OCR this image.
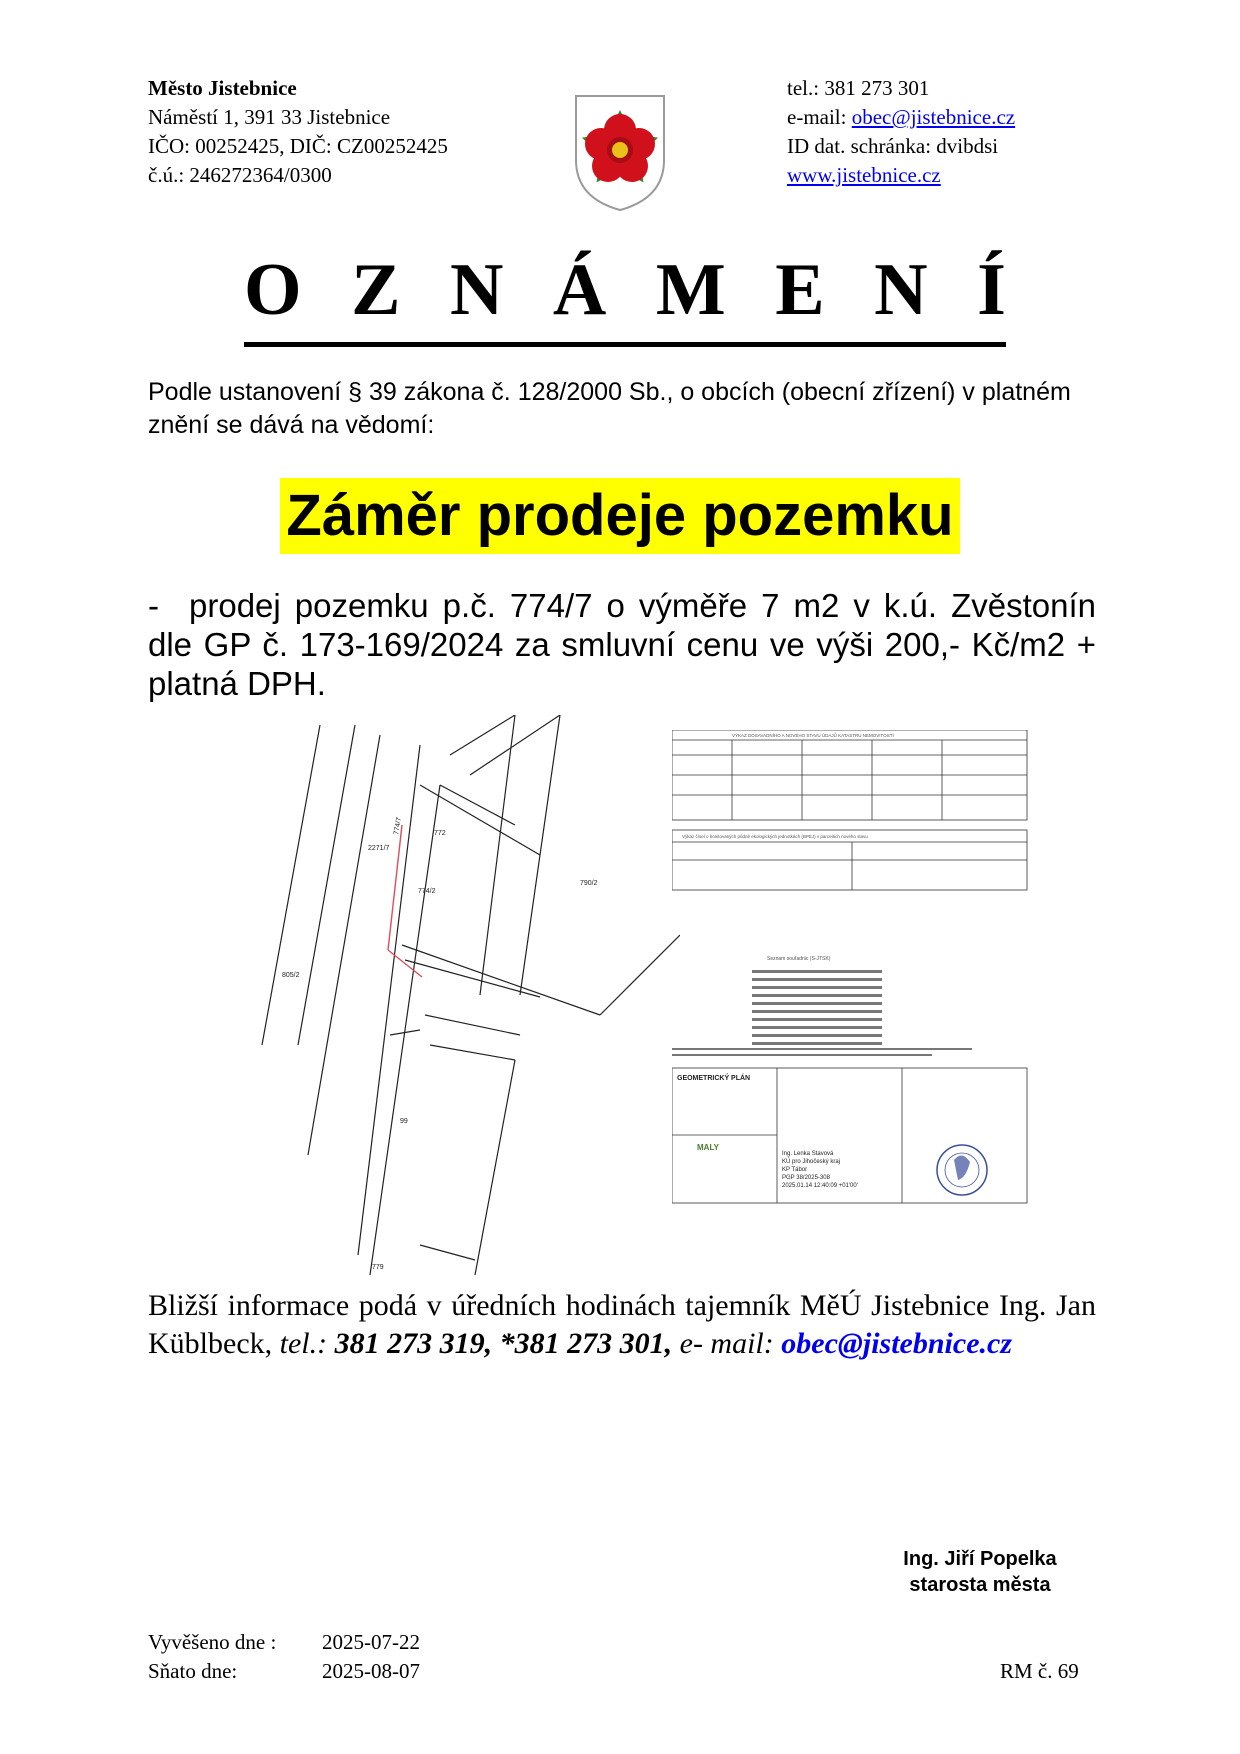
Město Jistebnice
Náměstí 1, 391 33 Jistebnice
IČO: 00252425, DIČ: CZ00252425
č.ú.: 246272364/0300
tel.: 381 273 301
e-mail: obec@jistebnice.cz
ID dat. schránka: dvibdsi
www.jistebnice.cz
O Z N Á M E N Í
Podle ustanovení § 39 zákona č. 128/2000 Sb., o obcích (obecní zřízení) v platném znění se dává na vědomí:
Záměr prodeje pozemku
- prodej pozemku p.č. 774/7 o výměře 7 m2 v k.ú. Zvěstonín dle GP č. 173-169/2024 za smluvní cenu ve výši 200,- Kč/m2 + platná DPH.
772
774/7
2271/7
774/2
790/2
805/2
99
779
VÝKAZ DOSAVADNÍHO A NOVÉHO STAVU ÚDAJŮ KATASTRU NEMOVITOSTÍ
Výkaz čísel o bonitovaných půdně ekologických jednotkách (BPEJ) v parcelách nového stavu
Seznam souřadnic (S-JTSK)
GEOMETRICKÝ PLÁN
MALY
Ing. Lenka Stavová
KÚ pro Jihočeský kraj
KP Tábor
PGP 38/2025-308
2025.01.14 12:40:09 +01'00'
Bližší informace podá v úředních hodinách tajemník MěÚ Jistebnice Ing. Jan Küblbeck, tel.: 381 273 319, *381 273 301, e- mail: obec@jistebnice.cz
Ing. Jiří Popelka
starosta města
Vyvěšeno dne : 2025-07-22
Sňato dne:	2025-08-07	RM č. 69
